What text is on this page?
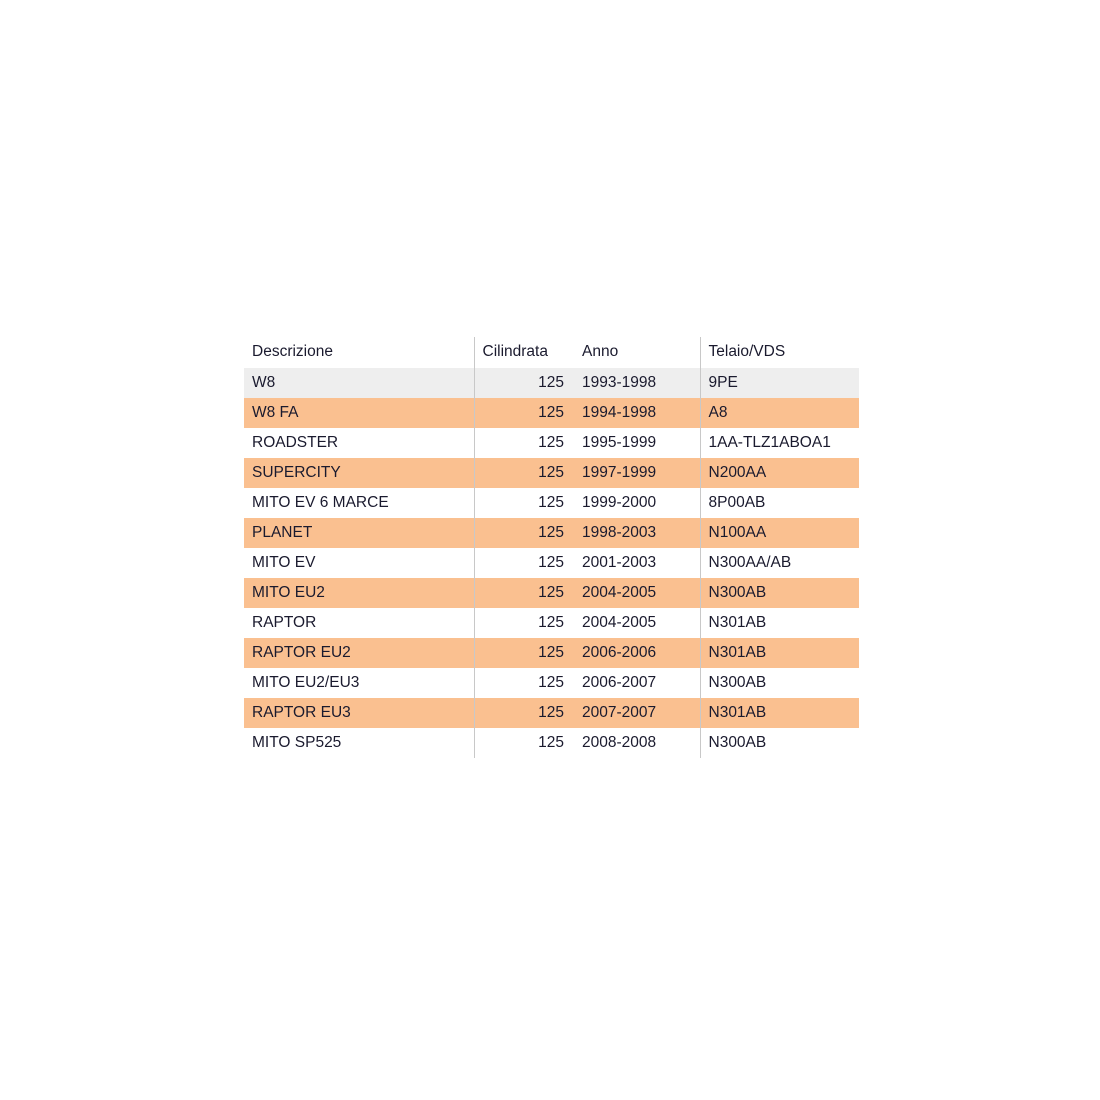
Descrizione	Cilindrata	Anno	Telaio/VDS
W8	125	1993-1998	9PE
W8 FA	125	1994-1998	A8
ROADSTER	125	1995-1999	1AA-TLZ1ABOA1
SUPERCITY	125	1997-1999	N200AA
MITO EV 6 MARCE	125	1999-2000	8P00AB
PLANET	125	1998-2003	N100AA
MITO EV	125	2001-2003	N300AA/AB
MITO EU2	125	2004-2005	N300AB
RAPTOR	125	2004-2005	N301AB
RAPTOR EU2	125	2006-2006	N301AB
MITO EU2/EU3	125	2006-2007	N300AB
RAPTOR EU3	125	2007-2007	N301AB
MITO SP525	125	2008-2008	N300AB
